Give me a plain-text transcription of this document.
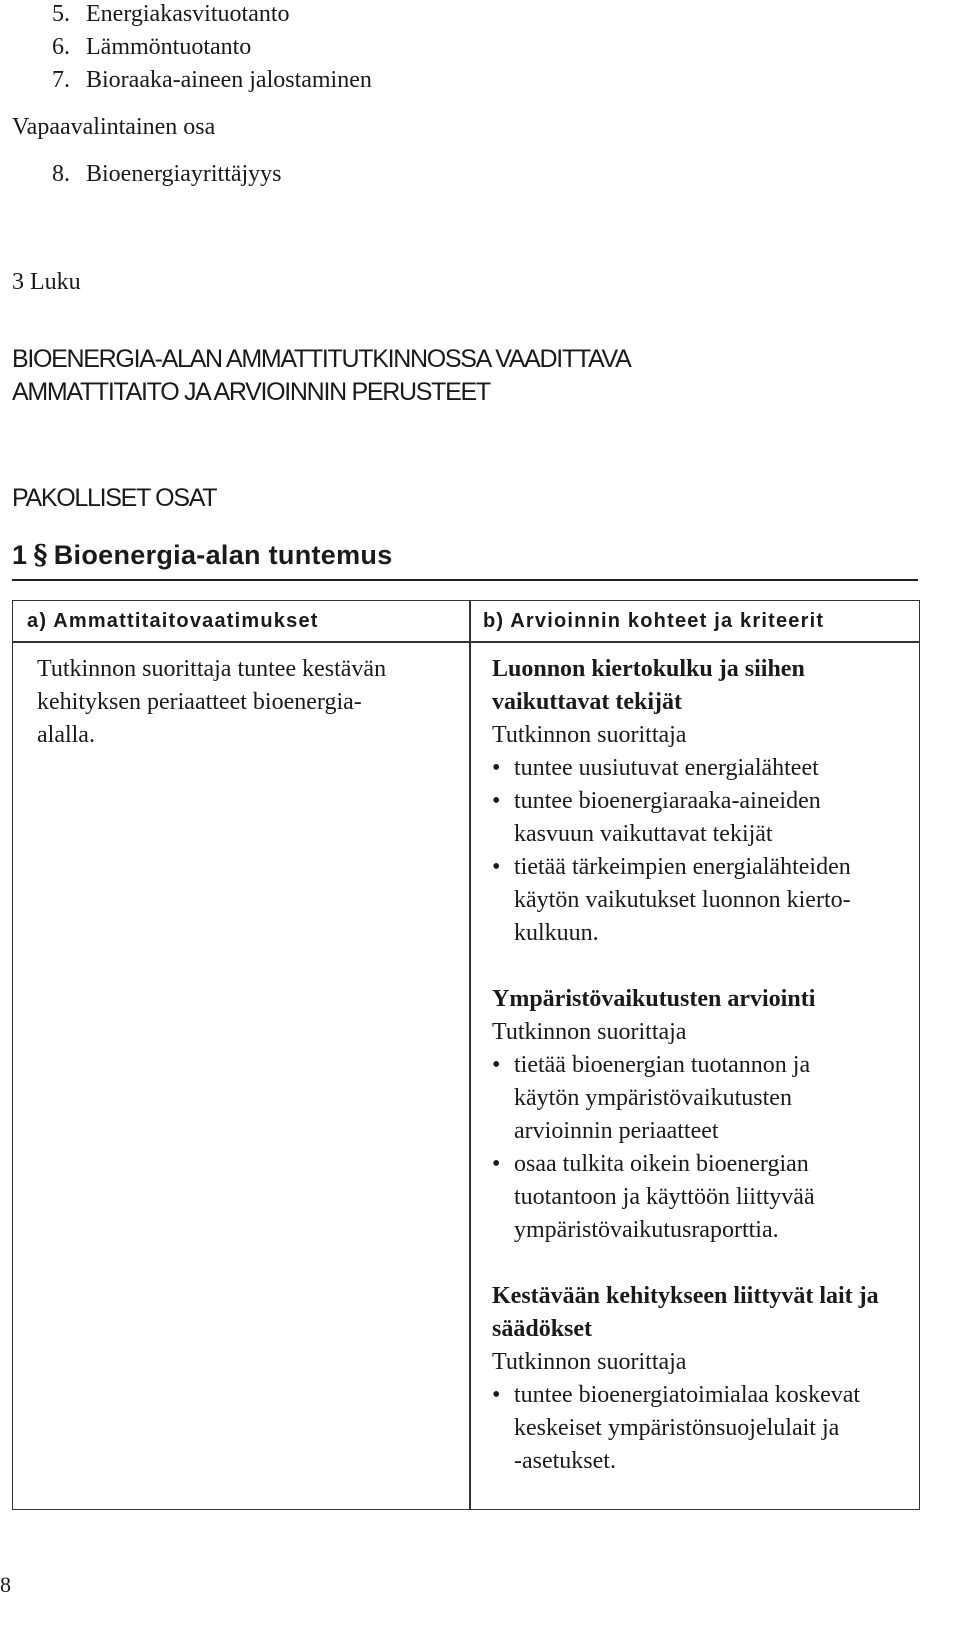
5. Energiakasvituotanto
6. Lämmöntuotanto
7. Bioraaka-aineen jalostaminen
Vapaavalintainen osa
8. Bioenergiayrittäjyys
3 Luku
BIOENERGIA-ALAN AMMATTITUTKINNOSSA VAADITTAVA
AMMATTITAITO JA ARVIOINNIN PERUSTEET
PAKOLLISET OSAT
1 § Bioenergia-alan tuntemus
a) Ammattitaitovaatimukset	b) Arvioinnin kohteet ja kriteerit
Tutkinnon suorittaja tuntee kestävän
kehityksen periaatteet bioenergia-
alalla.
Luonnon kiertokulku ja siihen
vaikuttavat tekijät
Tutkinnon suorittaja
• tuntee uusiutuvat energialähteet
• tuntee bioenergiaraaka-aineiden
kasvuun vaikuttavat tekijät
• tietää tärkeimpien energialähteiden
käytön vaikutukset luonnon kierto-
kulkuun.
Ympäristövaikutusten arviointi
Tutkinnon suorittaja
• tietää bioenergian tuotannon ja
käytön ympäristövaikutusten
arvioinnin periaatteet
• osaa tulkita oikein bioenergian
tuotantoon ja käyttöön liittyvää
ympäristövaikutusraporttia.
Kestävään kehitykseen liittyvät lait ja
säädökset
Tutkinnon suorittaja
• tuntee bioenergiatoimialaa koskevat
keskeiset ympäristönsuojelulait ja
-asetukset.
8
